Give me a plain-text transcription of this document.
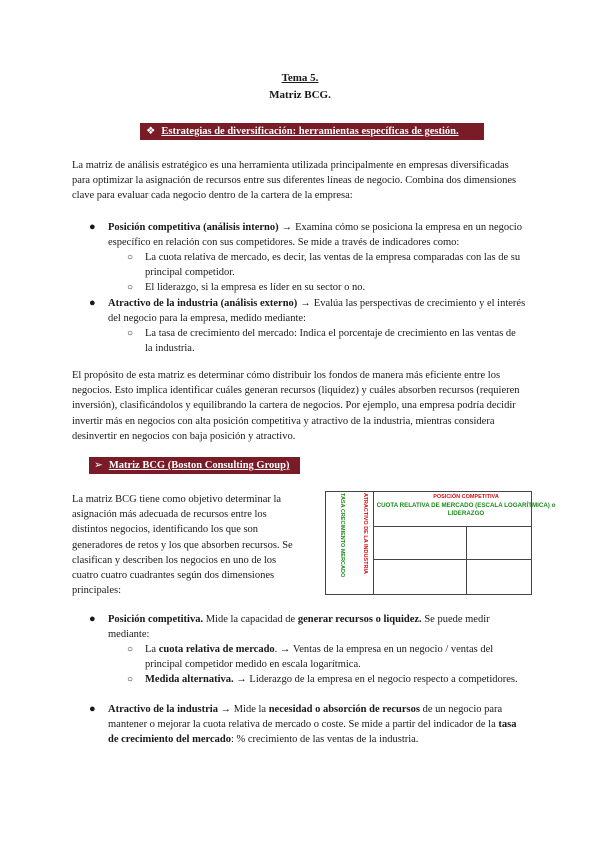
Tema 5.
Matriz BCG.
❖ Estrategias de diversificación: herramientas específicas de gestión.
La matriz de análisis estratégico es una herramienta utilizada principalmente en empresas diversificadas para optimizar la asignación de recursos entre sus diferentes líneas de negocio. Combina dos dimensiones clave para evaluar cada negocio dentro de la cartera de la empresa:
●	Posición competitiva (análisis interno) → Examina cómo se posiciona la empresa en un negocio específico en relación con sus competidores. Se mide a través de indicadores como:
○	La cuota relativa de mercado, es decir, las ventas de la empresa comparadas con las de su principal competidor.
○	El liderazgo, si la empresa es líder en su sector o no.
●	Atractivo de la industria (análisis externo) → Evalúa las perspectivas de crecimiento y el interés del negocio para la empresa, medido mediante:
○	La tasa de crecimiento del mercado: Indica el porcentaje de crecimiento en las ventas de la industria.
El propósito de esta matriz es determinar cómo distribuir los fondos de manera más eficiente entre los negocios. Esto implica identificar cuáles generan recursos (liquidez) y cuáles absorben recursos (requieren inversión), clasificándolos y equilibrando la cartera de negocios. Por ejemplo, una empresa podría decidir invertir más en negocios con alta posición competitiva y atractivo de la industria, mientras considera desinvertir en negocios con baja posición y atractivo.
➢ Matriz BCG (Boston Consulting Group)
La matriz BCG tiene como objetivo determinar la asignación más adecuada de recursos entre los distintos negocios, identificando los que son generadores de retos y los que absorben recursos. Se clasifican y describen los negocios en uno de los cuatro cuatro cuadrantes según dos dimensiones principales:
POSICIÓN COMPETITIVA
CUOTA RELATIVA DE MERCADO (ESCALA LOGARÍTMICA) o LIDERAZGO
ATRACTIVO DE LA INDUSTRIA
TASA CRECIMIENTO MERCADO
●	Posición competitiva. Mide la capacidad de generar recursos o liquidez. Se puede medir mediante:
○	La cuota relativa de mercado. → Ventas de la empresa en un negocio / ventas del principal competidor medido en escala logarítmica.
○	Medida alternativa. → Liderazgo de la empresa en el negocio respecto a competidores.
●	Atractivo de la industria → Mide la necesidad o absorción de recursos de un negocio para mantener o mejorar la cuota relativa de mercado o coste. Se mide a partir del indicador de la tasa de crecimiento del mercado: % crecimiento de las ventas de la industria.
